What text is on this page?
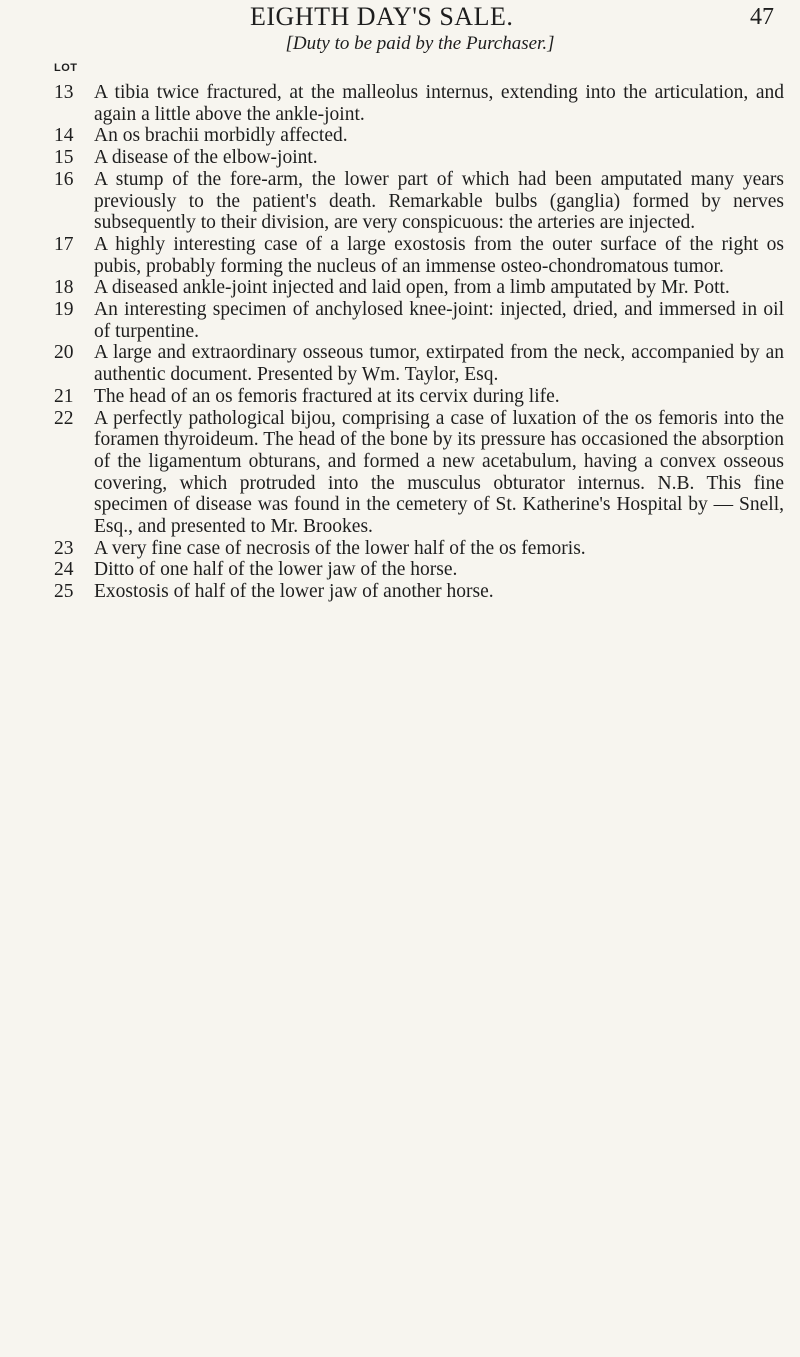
EIGHTH DAY'S SALE.	47
[Duty to be paid by the Purchaser.]
LOT
13	A tibia twice fractured, at the malleolus internus, extending into the articulation, and again a little above the ankle-joint.
14	An os brachii morbidly affected.
15	A disease of the elbow-joint.
16	A stump of the fore-arm, the lower part of which had been amputated many years previously to the patient's death. Remarkable bulbs (ganglia) formed by nerves subsequently to their division, are very conspicuous: the arteries are injected.
17	A highly interesting case of a large exostosis from the outer surface of the right os pubis, probably forming the nucleus of an immense osteo-chondromatous tumor.
18	A diseased ankle-joint injected and laid open, from a limb amputated by Mr. Pott.
19	An interesting specimen of anchylosed knee-joint: injected, dried, and immersed in oil of turpentine.
20	A large and extraordinary osseous tumor, extirpated from the neck, accompanied by an authentic document. Presented by Wm. Taylor, Esq.
21	The head of an os femoris fractured at its cervix during life.
22	A perfectly pathological bijou, comprising a case of luxation of the os femoris into the foramen thyroideum. The head of the bone by its pressure has occasioned the absorption of the ligamentum obturans, and formed a new acetabulum, having a convex osseous covering, which protruded into the musculus obturator internus. N.B. This fine specimen of disease was found in the cemetery of St. Katherine's Hospital by — Snell, Esq., and presented to Mr. Brookes.
23	A very fine case of necrosis of the lower half of the os femoris.
24	Ditto of one half of the lower jaw of the horse.
25	Exostosis of half of the lower jaw of another horse.
